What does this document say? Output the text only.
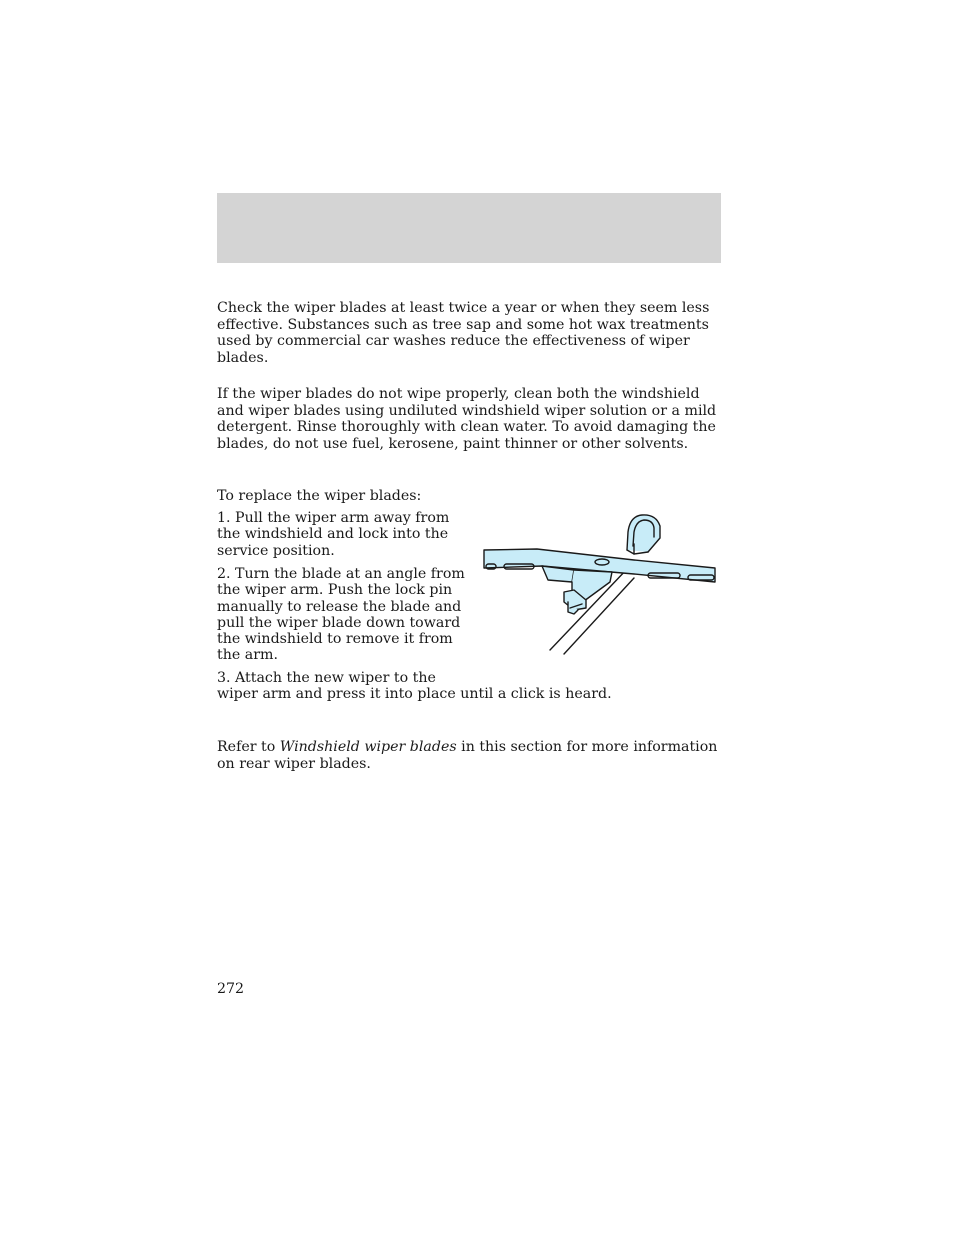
Check the wiper blades at least twice a year or when they seem less effective. Substances such as tree sap and some hot wax treatments used by commercial car washes reduce the effectiveness of wiper blades.

If the wiper blades do not wipe properly, clean both the windshield and wiper blades using undiluted windshield wiper solution or a mild detergent. Rinse thoroughly with clean water. To avoid damaging the blades, do not use fuel, kerosene, paint thinner or other solvents.

To replace the wiper blades:

1. Pull the wiper arm away from the windshield and lock into the service position.

2. Turn the blade at an angle from the wiper arm. Push the lock pin manually to release the blade and pull the wiper blade down toward the windshield to remove it from the arm.

3. Attach the new wiper to the
wiper arm and press it into place until a click is heard.

Refer to Windshield wiper blades in this section for more information on rear wiper blades.

272
